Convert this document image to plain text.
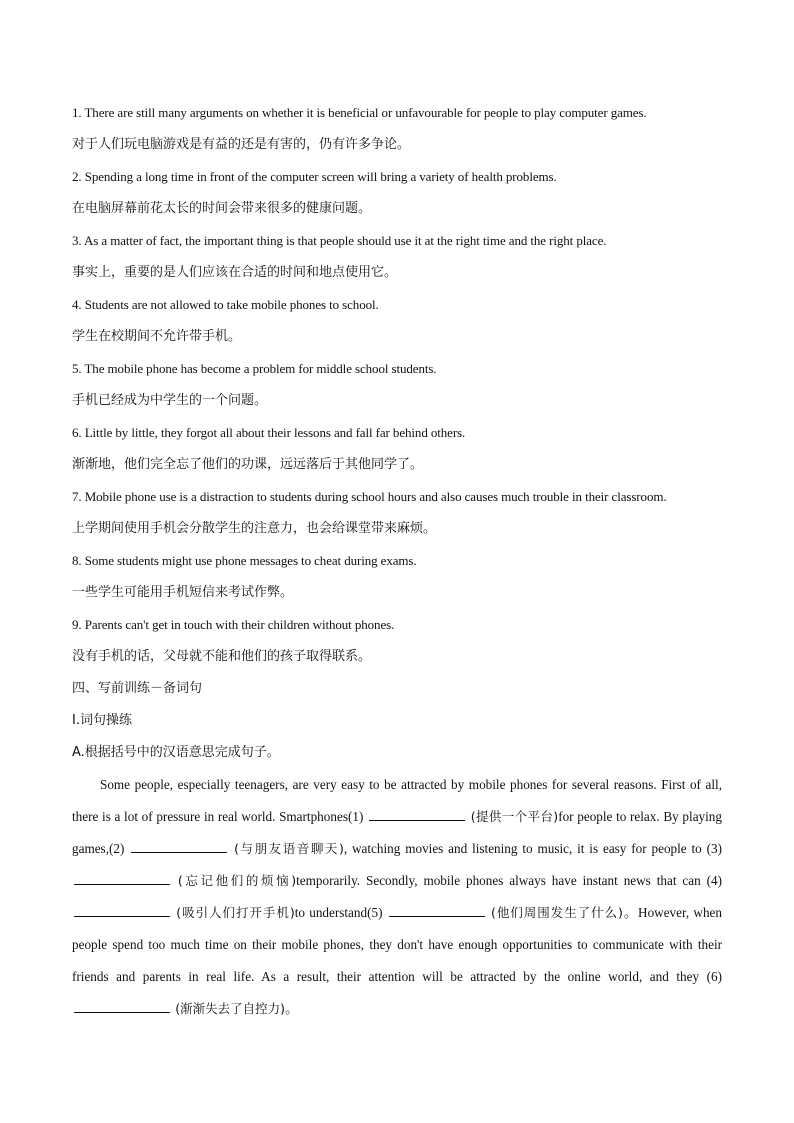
1. There are still many arguments on whether it is beneficial or unfavourable for people to play computer games.
对于人们玩电脑游戏是有益的还是有害的，仍有许多争论。
2. Spending a long time in front of the computer screen will bring a variety of health problems.
在电脑屏幕前花太长的时间会带来很多的健康问题。
3. As a matter of fact, the important thing is that people should use it at the right time and the right place.
事实上，重要的是人们应该在合适的时间和地点使用它。
4. Students are not allowed to take mobile phones to school.
学生在校期间不允许带手机。
5. The mobile phone has become a problem for middle school students.
手机已经成为中学生的一个问题。
6. Little by little, they forgot all about their lessons and fall far behind others.
渐渐地，他们完全忘了他们的功课，远远落后于其他同学了。
7. Mobile phone use is a distraction to students during school hours and also causes much trouble in their classroom.
上学期间使用手机会分散学生的注意力，也会给课堂带来麻烦。
8. Some students might use phone messages to cheat during exams.
一些学生可能用手机短信来考试作弊。
9. Parents can't get in touch with their children without phones.
没有手机的话，父母就不能和他们的孩子取得联系。
四、写前训练－备词句
I.词句操练
A.根据括号中的汉语意思完成句子。
Some people, especially teenagers, are very easy to be attracted by mobile phones for several reasons. First of all, there is a lot of pressure in real world. Smartphones(1)	(提供一个平台)for people to relax. By playing games,(2)	(与朋友语音聊天), watching movies and listening to music, it is easy for people to (3)  (忘记他们的烦恼)temporarily. Secondly, mobile phones always have instant news that can (4)  (吸引人们打开手机)to understand(5)	(他们周围发生了什么)。However, when people spend too much time on their mobile phones, they don't have enough opportunities to communicate with their friends and parents in real life. As a result, their attention will be attracted by the online world, and they (6)  (渐渐失去了自控力)。
